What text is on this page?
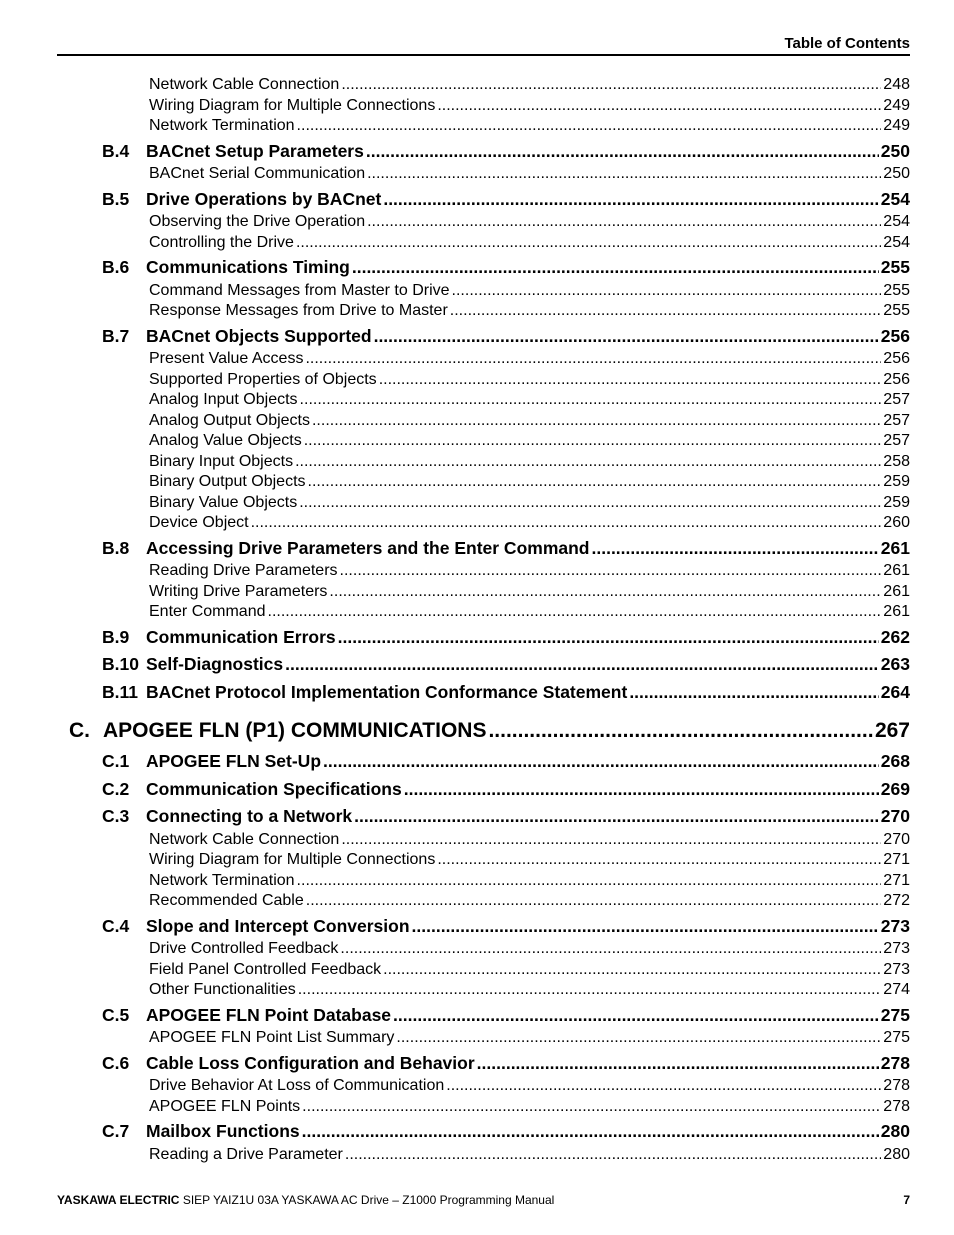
Table of Contents
Network Cable Connection .....	248
Wiring Diagram for Multiple Connections .....	249
Network Termination .....	249
B.4 BACnet Setup Parameters .....	250
BACnet Serial Communication .....	250
B.5 Drive Operations by BACnet .....	254
Observing the Drive Operation .....	254
Controlling the Drive .....	254
B.6 Communications Timing .....	255
Command Messages from Master to Drive .....	255
Response Messages from Drive to Master .....	255
B.7 BACnet Objects Supported .....	256
Present Value Access .....	256
Supported Properties of Objects .....	256
Analog Input Objects .....	257
Analog Output Objects .....	257
Analog Value Objects .....	257
Binary Input Objects .....	258
Binary Output Objects .....	259
Binary Value Objects .....	259
Device Object .....	260
B.8 Accessing Drive Parameters and the Enter Command .....	261
Reading Drive Parameters .....	261
Writing Drive Parameters .....	261
Enter Command .....	261
B.9 Communication Errors .....	262
B.10 Self-Diagnostics .....	263
B.11 BACnet Protocol Implementation Conformance Statement .....	264
C. APOGEE FLN (P1) COMMUNICATIONS .....	267
C.1 APOGEE FLN Set-Up .....	268
C.2 Communication Specifications .....	269
C.3 Connecting to a Network .....	270
Network Cable Connection .....	270
Wiring Diagram for Multiple Connections .....	271
Network Termination .....	271
Recommended Cable .....	272
C.4 Slope and Intercept Conversion .....	273
Drive Controlled Feedback .....	273
Field Panel Controlled Feedback .....	273
Other Functionalities .....	274
C.5 APOGEE FLN Point Database .....	275
APOGEE FLN Point List Summary .....	275
C.6 Cable Loss Configuration and Behavior .....	278
Drive Behavior At Loss of Communication .....	278
APOGEE FLN Points .....	278
C.7 Mailbox Functions .....	280
Reading a Drive Parameter .....	280
YASKAWA ELECTRIC SIEP YAIZ1U 03A YASKAWA AC Drive – Z1000 Programming Manual	7
